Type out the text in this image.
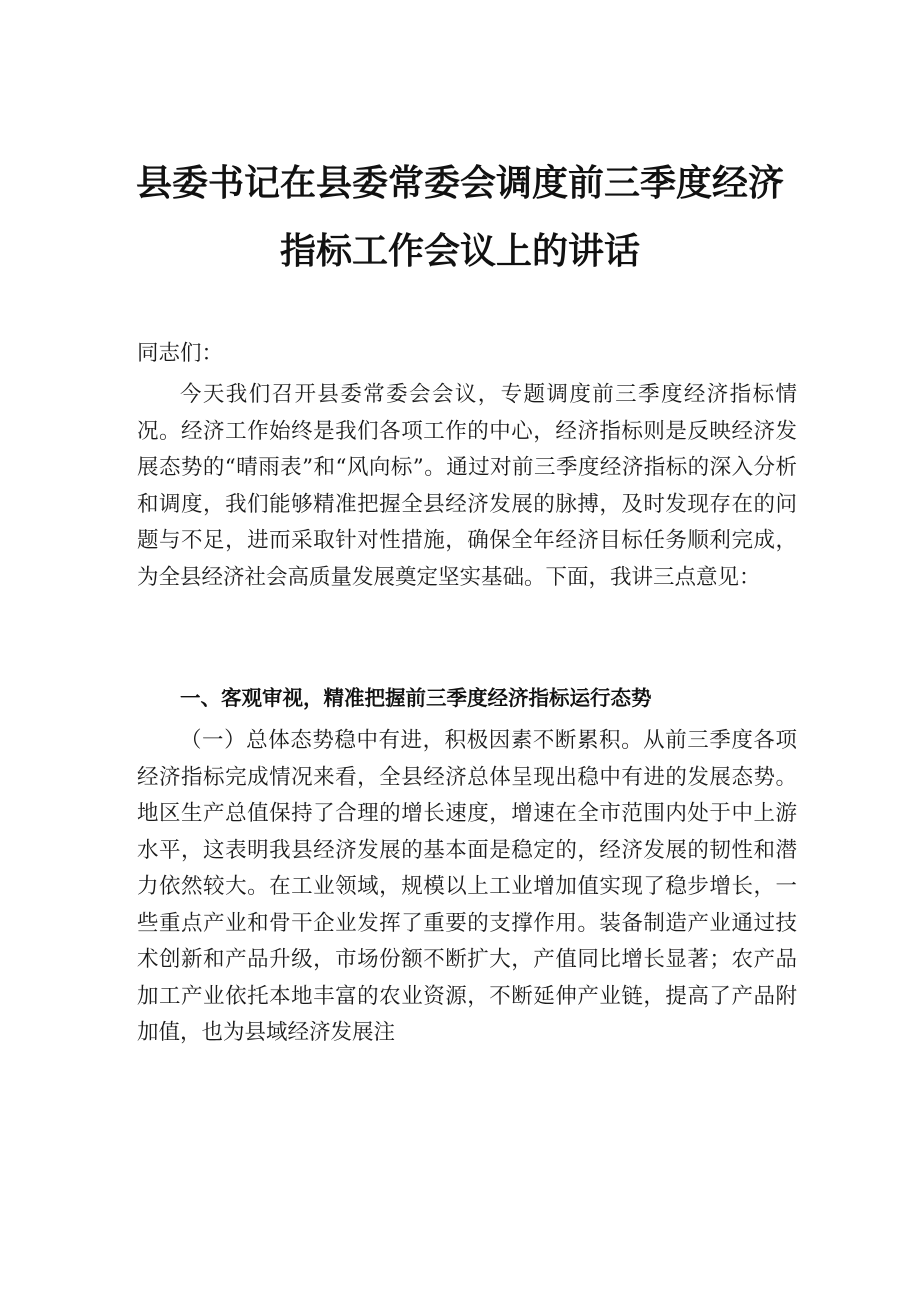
县委书记在县委常委会调度前三季度经济
指标工作会议上的讲话

同志们：

今天我们召开县委常委会会议，专题调度前三季度经济指标情况。经济工作始终是我们各项工作的中心，经济指标则是反映经济发展态势的“晴雨表”和“风向标”。通过对前三季度经济指标的深入分析和调度，我们能够精准把握全县经济发展的脉搏，及时发现存在的问题与不足，进而采取针对性措施，确保全年经济目标任务顺利完成，为全县经济社会高质量发展奠定坚实基础。下面，我讲三点意见：

一、客观审视，精准把握前三季度经济指标运行态势

（一）总体态势稳中有进，积极因素不断累积。从前三季度各项经济指标完成情况来看，全县经济总体呈现出稳中有进的发展态势。地区生产总值保持了合理的增长速度，增速在全市范围内处于中上游水平，这表明我县经济发展的基本面是稳定的，经济发展的韧性和潜力依然较大。在工业领域，规模以上工业增加值实现了稳步增长，一些重点产业和骨干企业发挥了重要的支撑作用。装备制造产业通过技术创新和产品升级，市场份额不断扩大，产值同比增长显著；农产品加工产业依托本地丰富的农业资源，不断延伸产业链，提高了产品附加值，也为县域经济发展注
